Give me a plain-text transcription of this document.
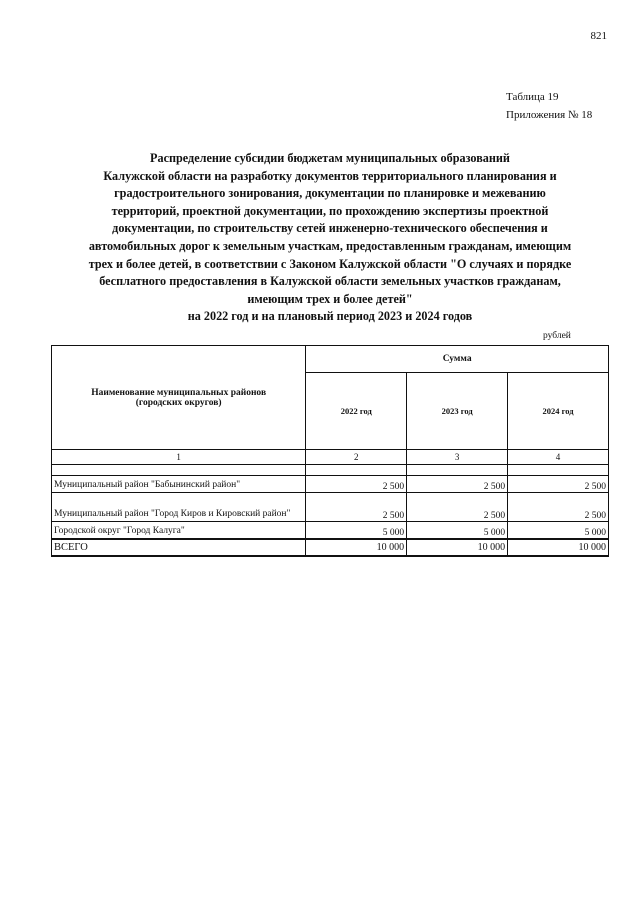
821
Таблица 19
Приложения № 18
Распределение субсидии бюджетам муниципальных образований
Калужской области на разработку документов территориального планирования и
градостроительного зонирования, документации по планировке и межеванию
территорий, проектной документации, по прохождению экспертизы проектной
документации, по строительству сетей инженерно-технического обеспечения и
автомобильных дорог к земельным участкам, предоставленным гражданам, имеющим
трех и более детей, в соответствии с Законом Калужской области "О случаях и порядке
бесплатного предоставления в Калужской области земельных участков гражданам,
имеющим трех и более детей"
на 2022 год и на плановый период 2023 и 2024 годов
рублей
Наименование муниципальных районов
(городских округов)	Сумма		
	2022 год	2023 год	2024 год
1	2	3	4

Муниципальный район "Бабынинский район"	2 500	2 500	2 500
Муниципальный район "Город Киров и Кировский район"	2 500	2 500	2 500
Городской округ "Город Калуга"	5 000	5 000	5 000
ВСЕГО	10 000	10 000	10 000
